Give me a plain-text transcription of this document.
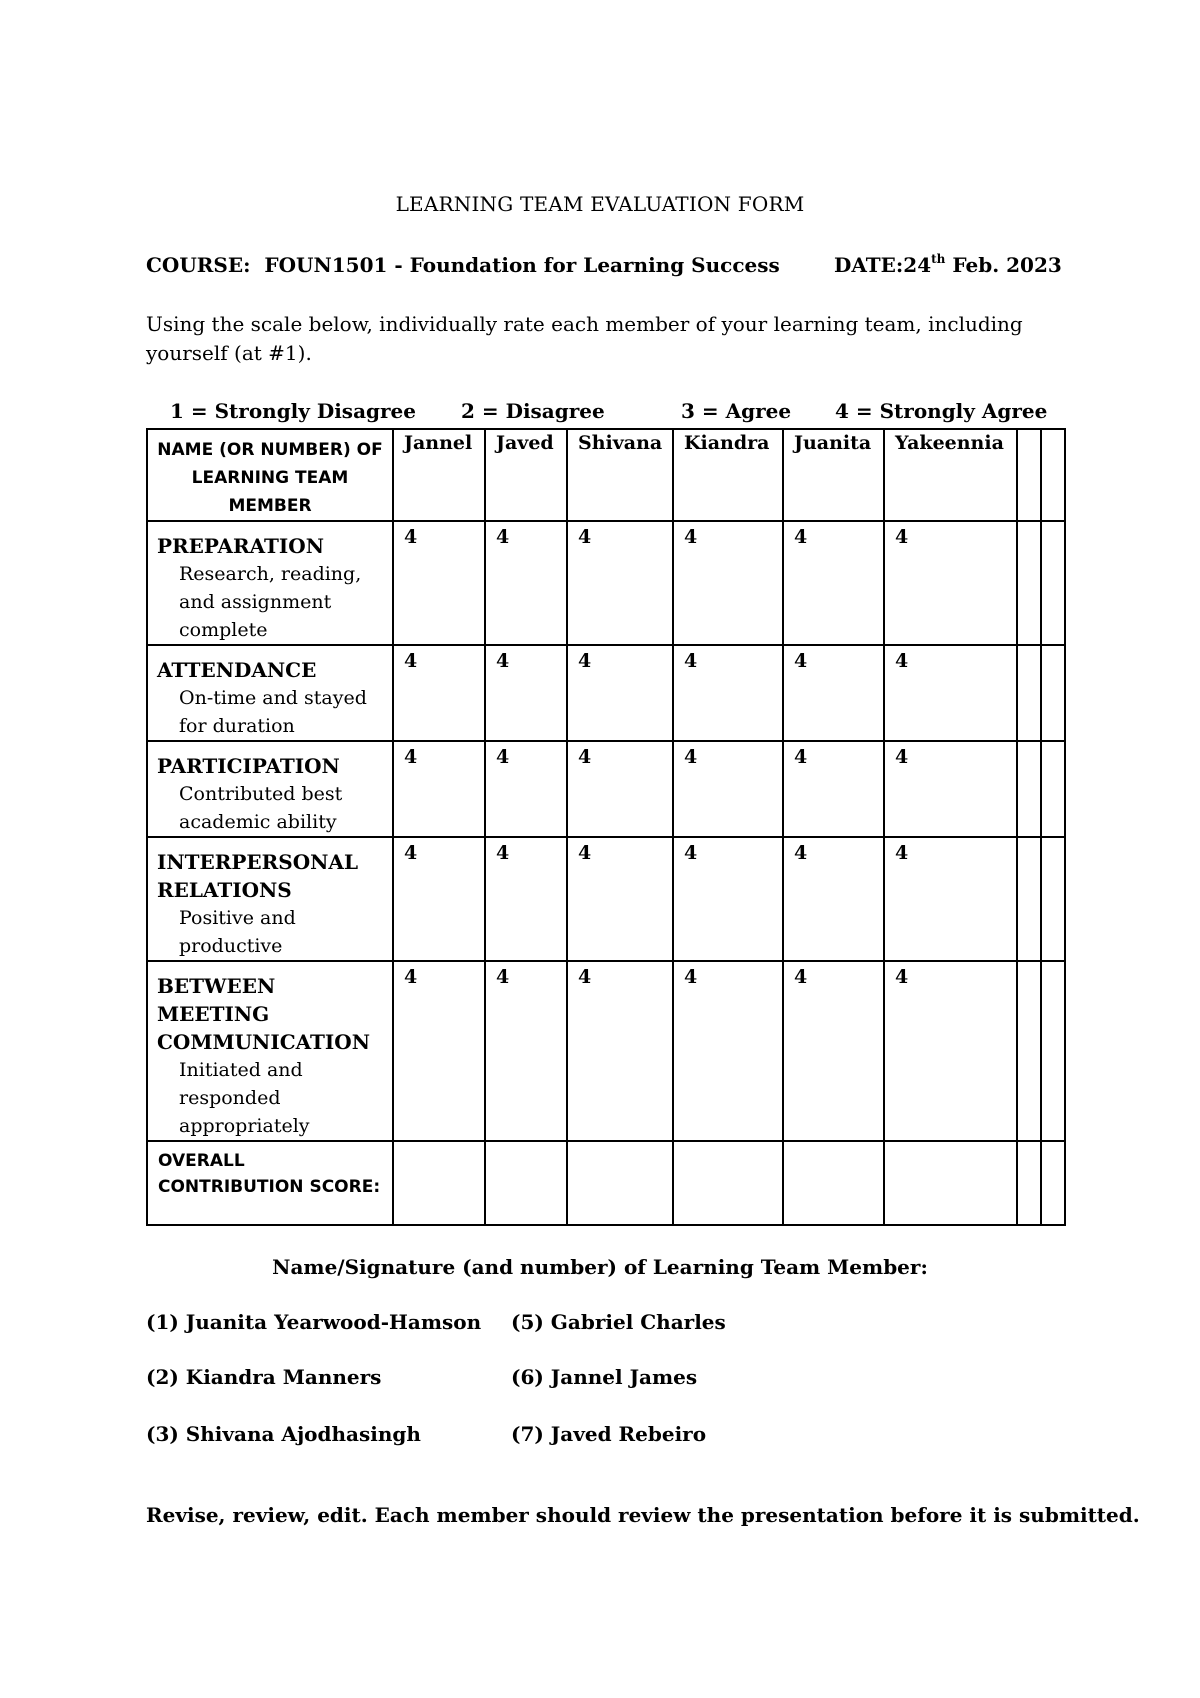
LEARNING TEAM EVALUATION FORM
COURSE: FOUN1501 - Foundation for Learning Success	DATE:24th Feb. 2023
Using the scale below, individually rate each member of your learning team, including yourself (at #1).
1 = Strongly Disagree 2 = Disagree	3 = Agree 4 = Strongly Agree
NAME (OR NUMBER) OF LEARNING TEAM MEMBER	Jannel	Javed	Shivana	Kiandra	Juanita	Yakeennia		

PREPARATION
Research, reading, and assignment complete	4	4	4	4	4	4		

ATTENDANCE
On-time and stayed for duration	4	4	4	4	4	4		

PARTICIPATION
Contributed best academic ability	4	4	4	4	4	4		

INTERPERSONAL RELATIONS
Positive and productive	4	4	4	4	4	4		

BETWEEN MEETING COMMUNICATION
Initiated and responded appropriately	4	4	4	4	4	4		
OVERALL CONTRIBUTION SCORE:								
Name/Signature (and number) of Learning Team Member:
(1) Juanita Yearwood-Hamson (5) Gabriel Charles
(2) Kiandra Manners	(6) Jannel James
(3) Shivana Ajodhasingh	(7) Javed Rebeiro
Revise, review, edit. Each member should review the presentation before it is submitted.
